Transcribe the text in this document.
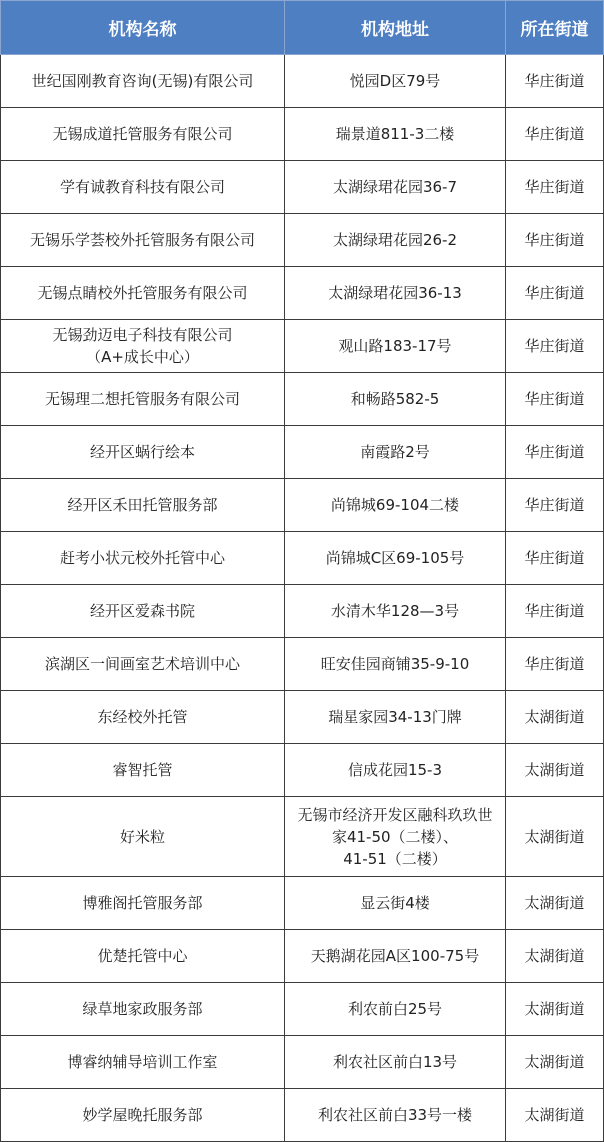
机构名称	机构地址	所在街道

世纪国刚教育咨询(无锡)有限公司	悦园D区79号	华庄街道

无锡成道托管服务有限公司	瑞景道811-3二楼	华庄街道

学有诚教育科技有限公司	太湖绿珺花园36-7	华庄街道

无锡乐学荟校外托管服务有限公司	太湖绿珺花园26-2	华庄街道

无锡点睛校外托管服务有限公司	太湖绿珺花园36-13	华庄街道

无锡劲迈电子科技有限公司
（A+成长中心）	观山路183-17号	华庄街道

无锡理二想托管服务有限公司	和畅路582-5	华庄街道

经开区蜗行绘本	南霞路2号	华庄街道

经开区禾田托管服务部	尚锦城69-104二楼	华庄街道

赶考小状元校外托管中心	尚锦城C区69-105号	华庄街道

经开区爱森书院	水清木华128—3号	华庄街道

滨湖区一间画室艺术培训中心	旺安佳园商铺35-9-10	华庄街道

东经校外托管	瑞星家园34-13门牌	太湖街道

睿智托管	信成花园15-3	太湖街道

好米粒	无锡市经济开发区融科玖玖世
家41-50（二楼）、
41-51（二楼）	太湖街道

博雅阁托管服务部	显云街4楼	太湖街道

优楚托管中心	天鹅湖花园A区100-75号	太湖街道

绿草地家政服务部	利农前白25号	太湖街道

博睿纳辅导培训工作室	利农社区前白13号	太湖街道

妙学屋晚托服务部	利农社区前白33号一楼	太湖街道
